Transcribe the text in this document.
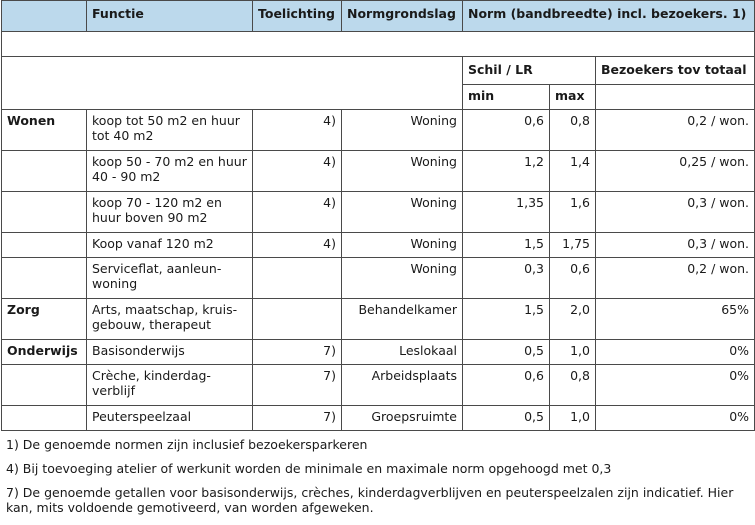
	Functie	Toelichting	Normgrondslag	Norm (bandbreedte) incl. bezoekers. 1)		

				Schil / LR		Bezoekers tov totaal
				min	max	
Wonen	koop tot 50 m2 en huur tot 40 m2	4)	Woning	0,6	0,8	0,2 / won.
	koop 50 - 70 m2 en huur 40 - 90 m2	4)	Woning	1,2	1,4	0,25 / won.
	koop 70 - 120 m2 en huur boven 90 m2	4)	Woning	1,35	1,6	0,3 / won.
	Koop vanaf 120 m2	4)	Woning	1,5	1,75	0,3 / won.
	Serviceflat, aanleun-woning		Woning	0,3	0,6	0,2 / won.
Zorg	Arts, maatschap, kruis-gebouw, therapeut		Behandelkamer	1,5	2,0	65%
Onderwijs	Basisonderwijs	7)	Leslokaal	0,5	1,0	0%
	Crèche, kinderdag-verblijf	7)	Arbeidsplaats	0,6	0,8	0%
	Peuterspeelzaal	7)	Groepsruimte	0,5	1,0	0%

1) De genoemde normen zijn inclusief bezoekersparkeren

4) Bij toevoeging atelier of werkunit worden de minimale en maximale norm opgehoogd met 0,3

7) De genoemde getallen voor basisonderwijs, crèches, kinderdagverblijven en peuterspeelzalen zijn indicatief. Hier kan, mits voldoende gemotiveerd, van worden afgeweken.
